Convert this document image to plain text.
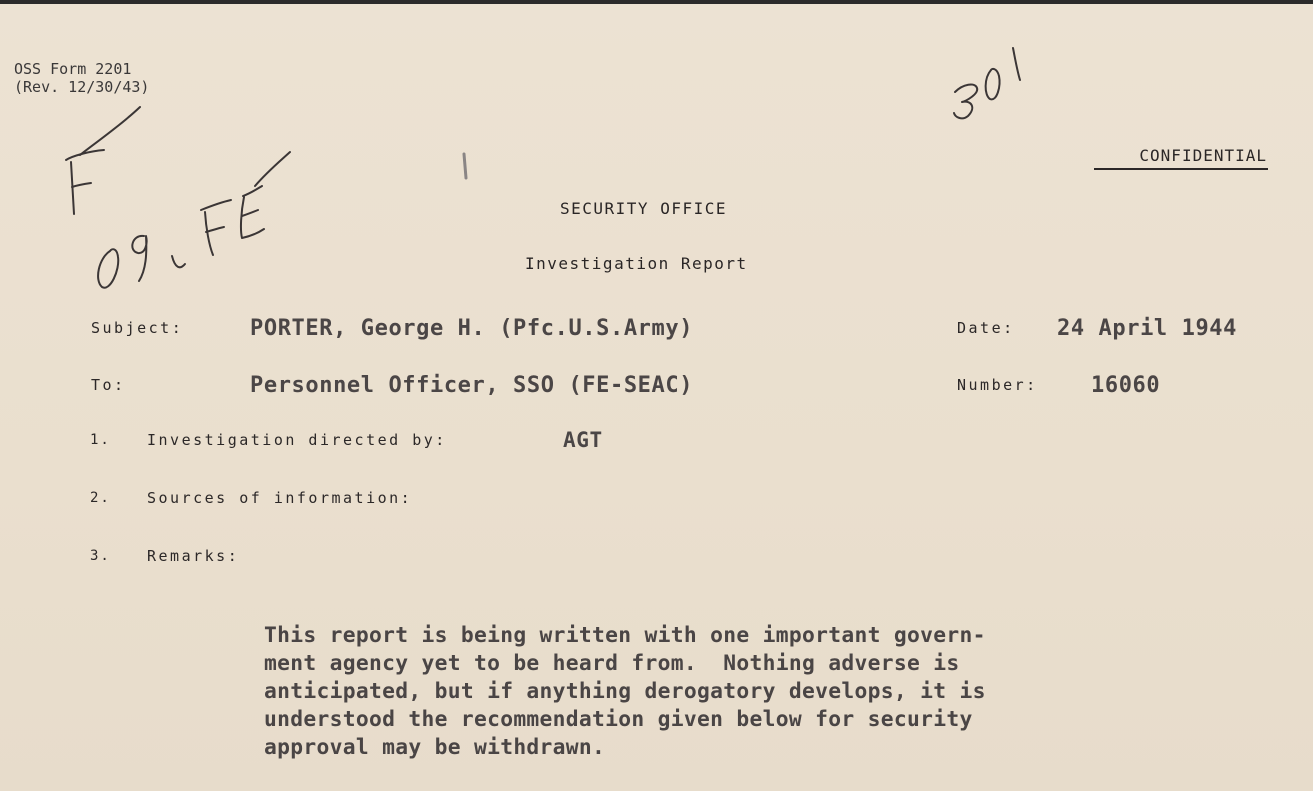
OSS Form 2201
(Rev. 12/30/43)
CONFIDENTIAL
SECURITY OFFICE
Investigation Report
Subject:	PORTER, George H. (Pfc.U.S.Army)
To:	Personnel Officer, SSO (FE-SEAC)
Date: 24 April 1944
Number: 16060
1. Investigation directed by:	AGT
2. Sources of information:
3. Remarks:
This report is being written with one important govern-
ment agency yet to be heard from.  Nothing adverse is
anticipated, but if anything derogatory develops, it is
understood the recommendation given below for security
approval may be withdrawn.
